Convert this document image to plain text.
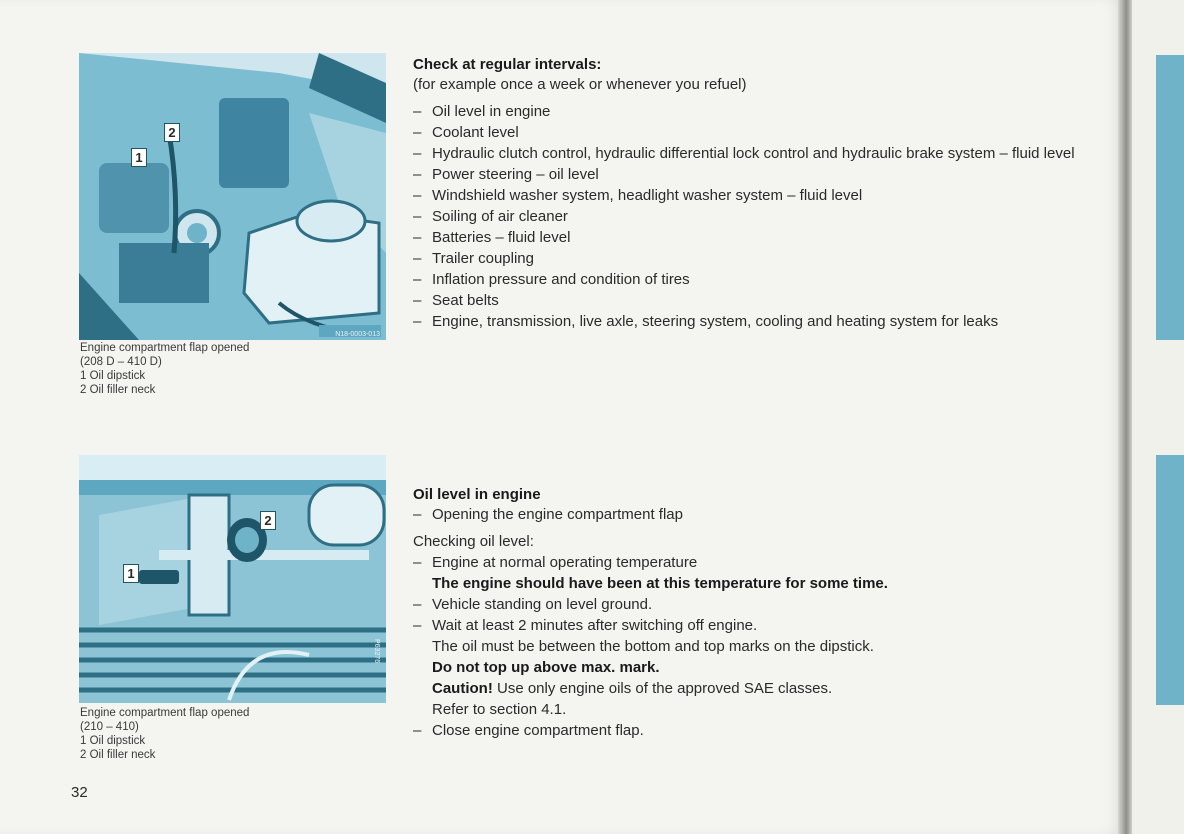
1
2
N18-0003-013
Engine compartment flap opened
(208 D – 410 D)
1 Oil dipstick
2 Oil filler neck
1
2
P63276
Engine compartment flap opened
(210 – 410)
1 Oil dipstick
2 Oil filler neck
Check at regular intervals:
(for example once a week or whenever you refuel)
– Oil level in engine
– Coolant level
– Hydraulic clutch control, hydraulic differential lock control and hydraulic brake system – fluid level
– Power steering – oil level
– Windshield washer system, headlight washer system – fluid level
– Soiling of air cleaner
– Batteries – fluid level
– Trailer coupling
– Inflation pressure and condition of tires
– Seat belts
– Engine, transmission, live axle, steering system, cooling and heating system for leaks
Oil level in engine
– Opening the engine compartment flap
Checking oil level:
– Engine at normal operating temperature
The engine should have been at this temperature for some time.
– Vehicle standing on level ground.
– Wait at least 2 minutes after switching off engine.
The oil must be between the bottom and top marks on the dipstick.
Do not top up above max. mark.
Caution! Use only engine oils of the approved SAE classes.
Refer to section 4.1.
– Close engine compartment flap.
32
